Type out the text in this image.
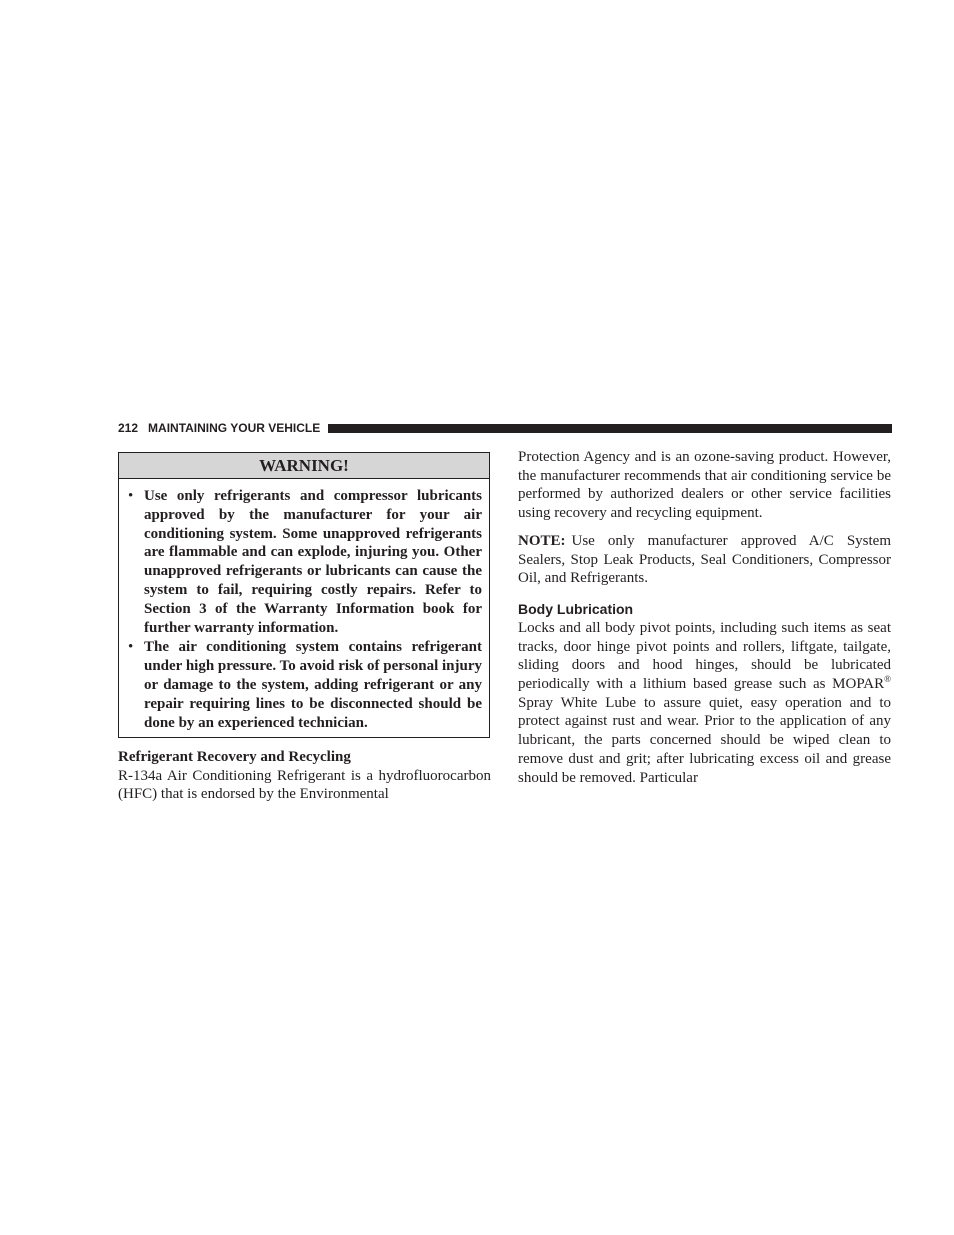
212 MAINTAINING YOUR VEHICLE
WARNING!
• Use only refrigerants and compressor lubricants approved by the manufacturer for your air conditioning system. Some unapproved refrigerants are flammable and can explode, injuring you. Other unapproved refrigerants or lubricants can cause the system to fail, requiring costly repairs. Refer to Section 3 of the Warranty Information book for further warranty information.
• The air conditioning system contains refrigerant under high pressure. To avoid risk of personal injury or damage to the system, adding refrigerant or any repair requiring lines to be disconnected should be done by an experienced technician.

Refrigerant Recovery and Recycling

R-134a Air Conditioning Refrigerant is a hydrofluorocarbon (HFC) that is endorsed by the Environmental

Protection Agency and is an ozone-saving product. However, the manufacturer recommends that air conditioning service be performed by authorized dealers or other service facilities using recovery and recycling equipment.

NOTE: Use only manufacturer approved A/C System Sealers, Stop Leak Products, Seal Conditioners, Compressor Oil, and Refrigerants.

Body Lubrication

Locks and all body pivot points, including such items as seat tracks, door hinge pivot points and rollers, liftgate, tailgate, sliding doors and hood hinges, should be lubricated periodically with a lithium based grease such as MOPAR® Spray White Lube to assure quiet, easy operation and to protect against rust and wear. Prior to the application of any lubricant, the parts concerned should be wiped clean to remove dust and grit; after lubricating excess oil and grease should be removed. Particular
